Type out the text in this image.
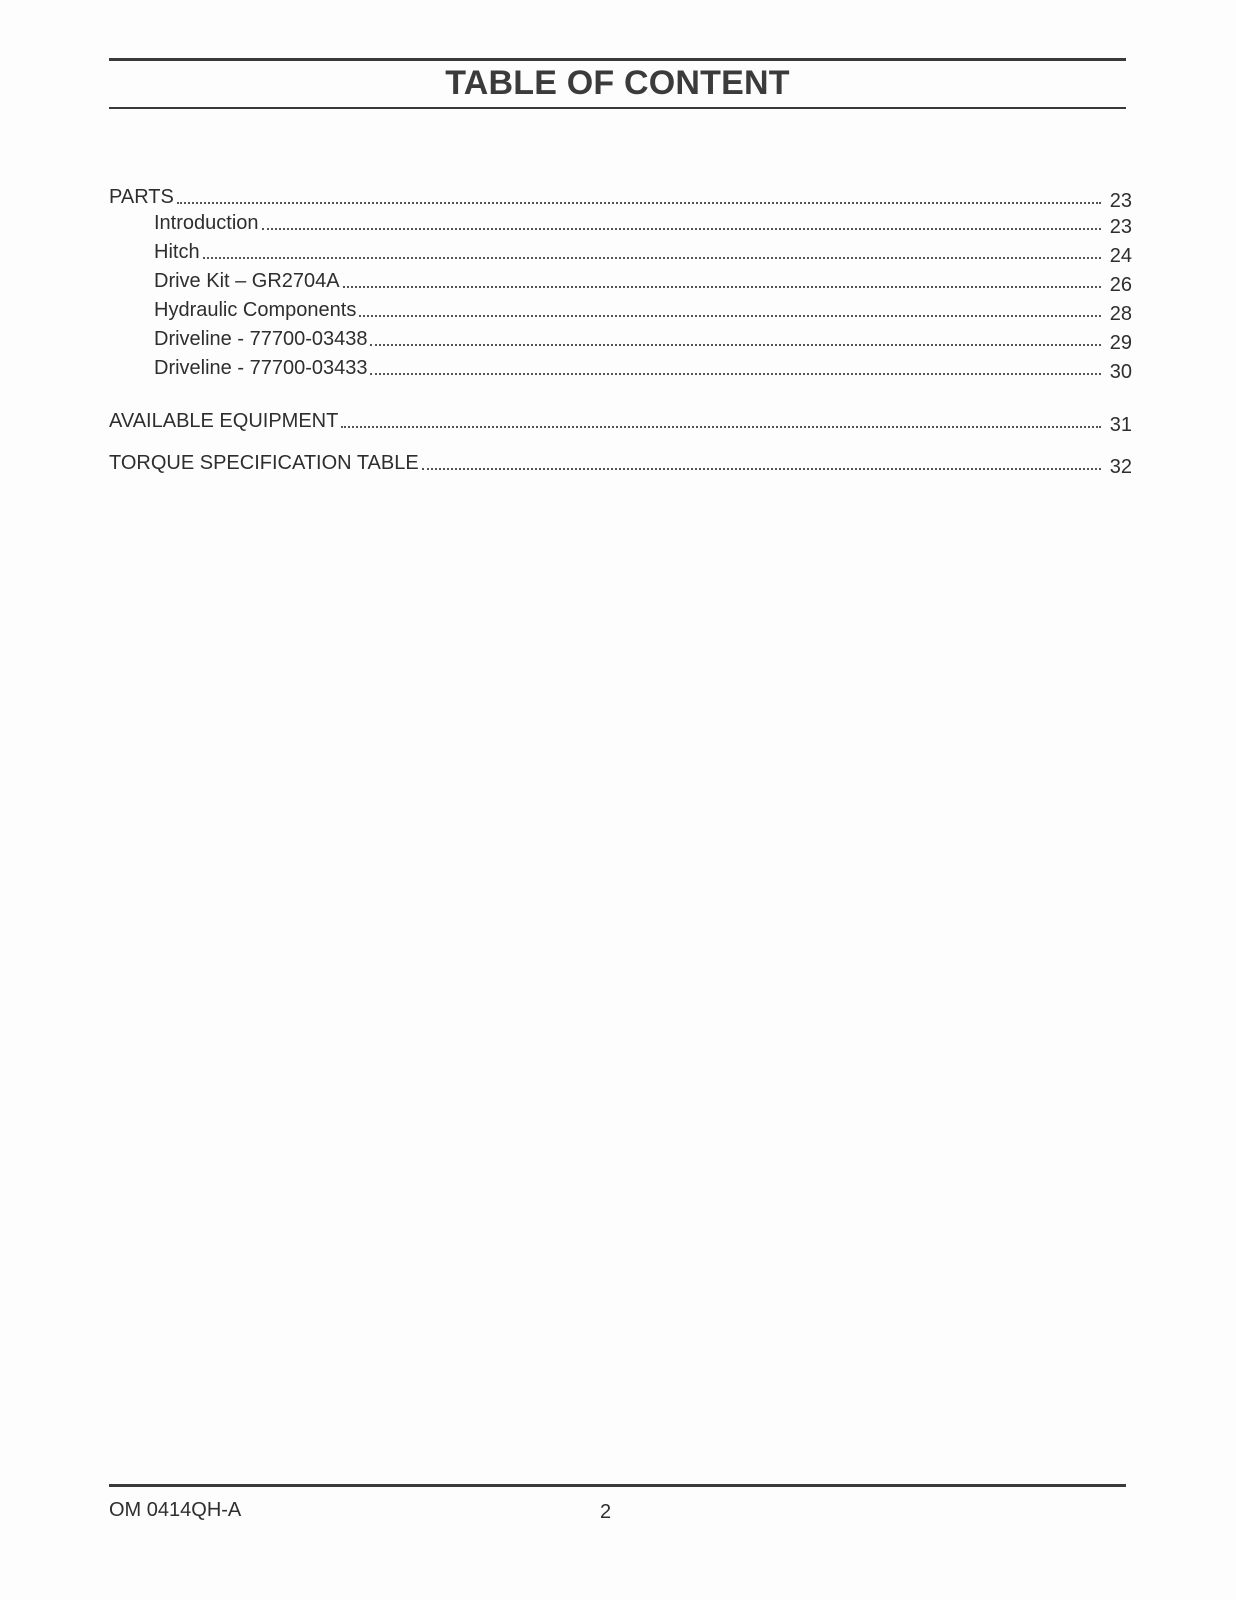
TABLE OF CONTENT
PARTS	23
Introduction	23
Hitch	24
Drive Kit – GR2704A	26
Hydraulic Components	28
Driveline - 77700-03438	29
Driveline - 77700-03433	30
AVAILABLE EQUIPMENT	31
TORQUE SPECIFICATION TABLE	32
OM 0414QH-A	2
